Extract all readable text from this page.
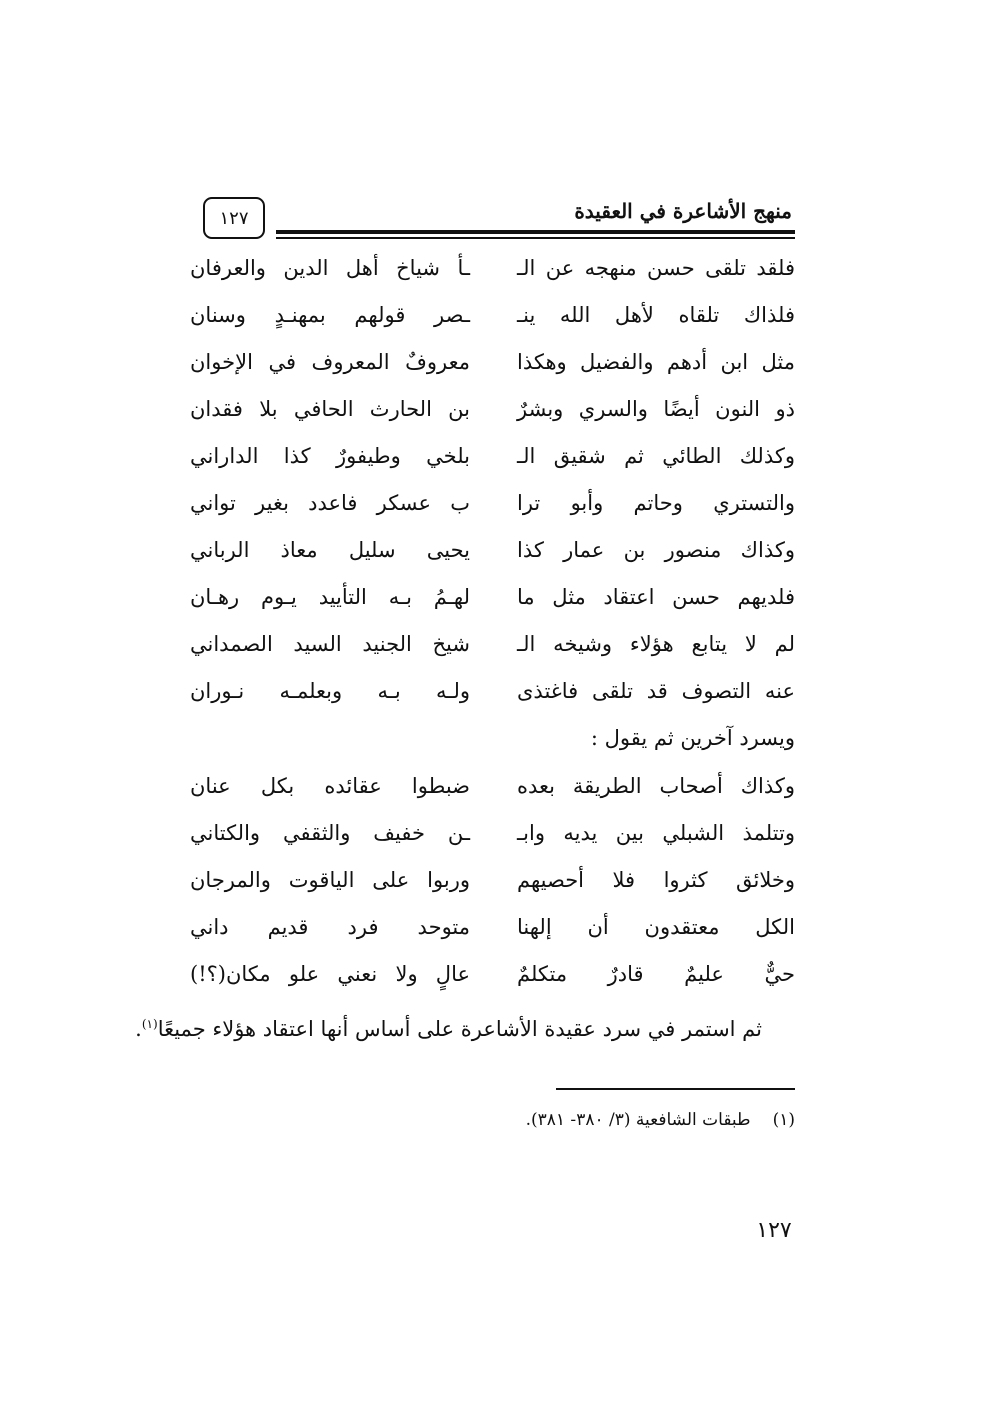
منهج الأشاعرة في العقيدة
١٢٧
فلقد تلقى حسن منهجه عن الـ
ـأ شياخ أهل الدين والعرفان
فلذاك تلقاه لأهل الله ينـ
ـصر قولهم بمهنـدٍ وسنان
مثل ابن أدهم والفضيل وهكذا
معروفٌ المعروف في الإخوان
ذو النون أيضًا والسري وبشرٌ
بن الحارث الحافي بلا فقدان
وكذلك الطائي ثم شقيق الـ
بلخي وطيفورٌ كذا الداراني
والتستري وحاتم وأبو ترا
ب عسكر فاعدد بغير تواني
وكذاك منصور بن عمار كذا
يحيى سليل معاذ الرباني
فلديهم حسن اعتقاد مثل ما
لهـمُ بـه التأييد يـوم رهـان
لم لا يتابع هؤلاء وشيخه الـ
شيخ الجنيد السيد الصمداني
عنه التصوف قد تلقى فاغتذى
ولـه بـه وبعلمـه نـوران
ويسرد آخرين ثم يقول :
وكذاك أصحاب الطريقة بعده
ضبطوا عقائده بكل عنان
وتتلمذ الشبلي بين يديه وابـ
ـن خفيف والثقفي والكتاني
وخلائق كثروا فلا أحصيهم
وربوا على الياقوت والمرجان
الكل معتقدون أن إلهنا
متوحد فرد قديم داني
حيٌّ عليمٌ قادرٌ متكلمٌ
عالٍ ولا نعني علو مكان(؟!)
ثم استمر في سرد عقيدة الأشاعرة على أساس أنها اعتقاد هؤلاء جميعًا$^{(١)}$.
(١)طبقات الشافعية (٣/ ٣٨٠- ٣٨١).
١٢٧
